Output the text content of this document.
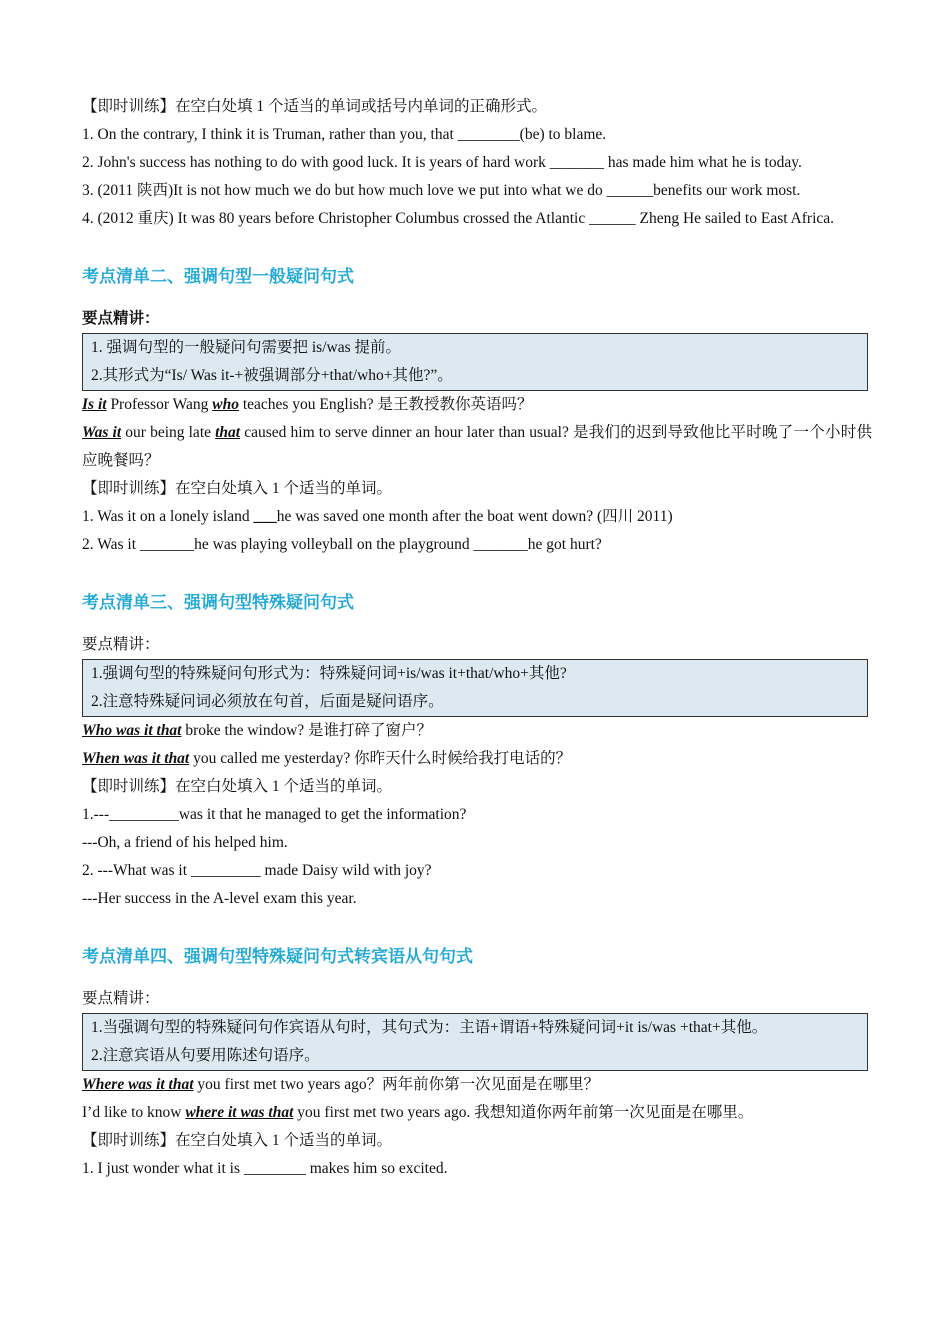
【即时训练】在空白处填 1 个适当的单词或括号内单词的正确形式。
1. On the contrary, I think it is Truman, rather than you, that ________(be) to blame.
2. John's success has nothing to do with good luck. It is years of hard work _______ has made him what he is today.
3. (2011 陕西)It is not how much we do but how much love we put into what we do ______benefits our work most.
4. (2012 重庆) It was 80 years before Christopher Columbus crossed the Atlantic ______ Zheng He sailed to East Africa.
考点清单二、强调句型一般疑问句式
要点精讲：
1. 强调句型的一般疑问句需要把 is/was 提前。
2.其形式为“Is/ Was it-+被强调部分+that/who+其他?”。
Is it Professor Wang who teaches you English? 是王教授教你英语吗？
Was it our being late that caused him to serve dinner an hour later than usual? 是我们的迟到导致他比平时晚了一个小时供应晚餐吗？
【即时训练】在空白处填入 1 个适当的单词。
1. Was it on a lonely island ___he was saved one month after the boat went down? (四川 2011)
2. Was it _______he was playing volleyball on the playground _______he got hurt?
考点清单三、强调句型特殊疑问句式
要点精讲：
1.强调句型的特殊疑问句形式为：特殊疑问词+is/was it+that/who+其他?
2.注意特殊疑问词必须放在句首，后面是疑问语序。
Who was it that broke the window? 是谁打碎了窗户？
When was it that you called me yesterday? 你昨天什么时候给我打电话的？
【即时训练】在空白处填入 1 个适当的单词。
1.---_________was it that he managed to get the information?
---Oh, a friend of his helped him.
2. ---What was it _________ made Daisy wild with joy?
---Her success in the A-level exam this year.
考点清单四、强调句型特殊疑问句式转宾语从句句式
要点精讲：
1.当强调句型的特殊疑问句作宾语从句时，其句式为：主语+谓语+特殊疑问词+it is/was +that+其他。
2.注意宾语从句要用陈述句语序。
Where was it that you first met two years ago？两年前你第一次见面是在哪里？
I’d like to know where it was that you first met two years ago. 我想知道你两年前第一次见面是在哪里。
【即时训练】在空白处填入 1 个适当的单词。
1. I just wonder what it is ________ makes him so excited.
